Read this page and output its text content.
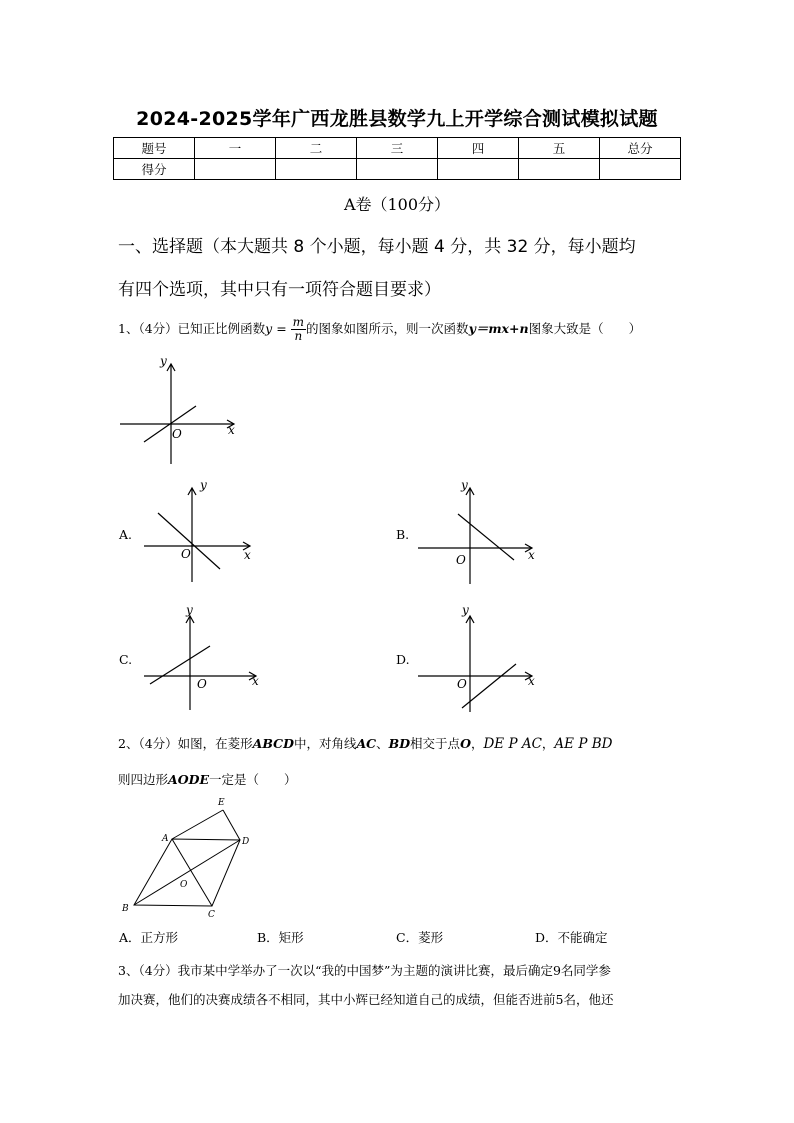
2024-2025学年广西龙胜县数学九上开学综合测试模拟试题
题号	一	二	三	四	五	总分
得分						
A卷（100分）
一、选择题（本大题共 8 个小题，每小题 4 分，共 32 分，每小题均
有四个选项，其中只有一项符合题目要求）
1、（4分）已知正比例函数$y = \frac{m}{n}$ 的图象如图所示，则一次函数y＝mx+n图象大致是（　　）
y
x
O
A.
y
x
O
B.
y
x
O
C.
y
x
O
D.
y
x
O
2、（4分）如图，在菱形ABCD中，对角线AC、BD相交于点O，DE P AC，AE P BD
则四边形AODE一定是（　　）
A	D
B
C
E
O
A．正方形	B．矩形	C．菱形	D．不能确定
3、（4分）我市某中学举办了一次以“我的中国梦”为主题的演讲比赛，最后确定9名同学参
加决赛，他们的决赛成绩各不相同，其中小辉已经知道自己的成绩，但能否进前5名，他还
